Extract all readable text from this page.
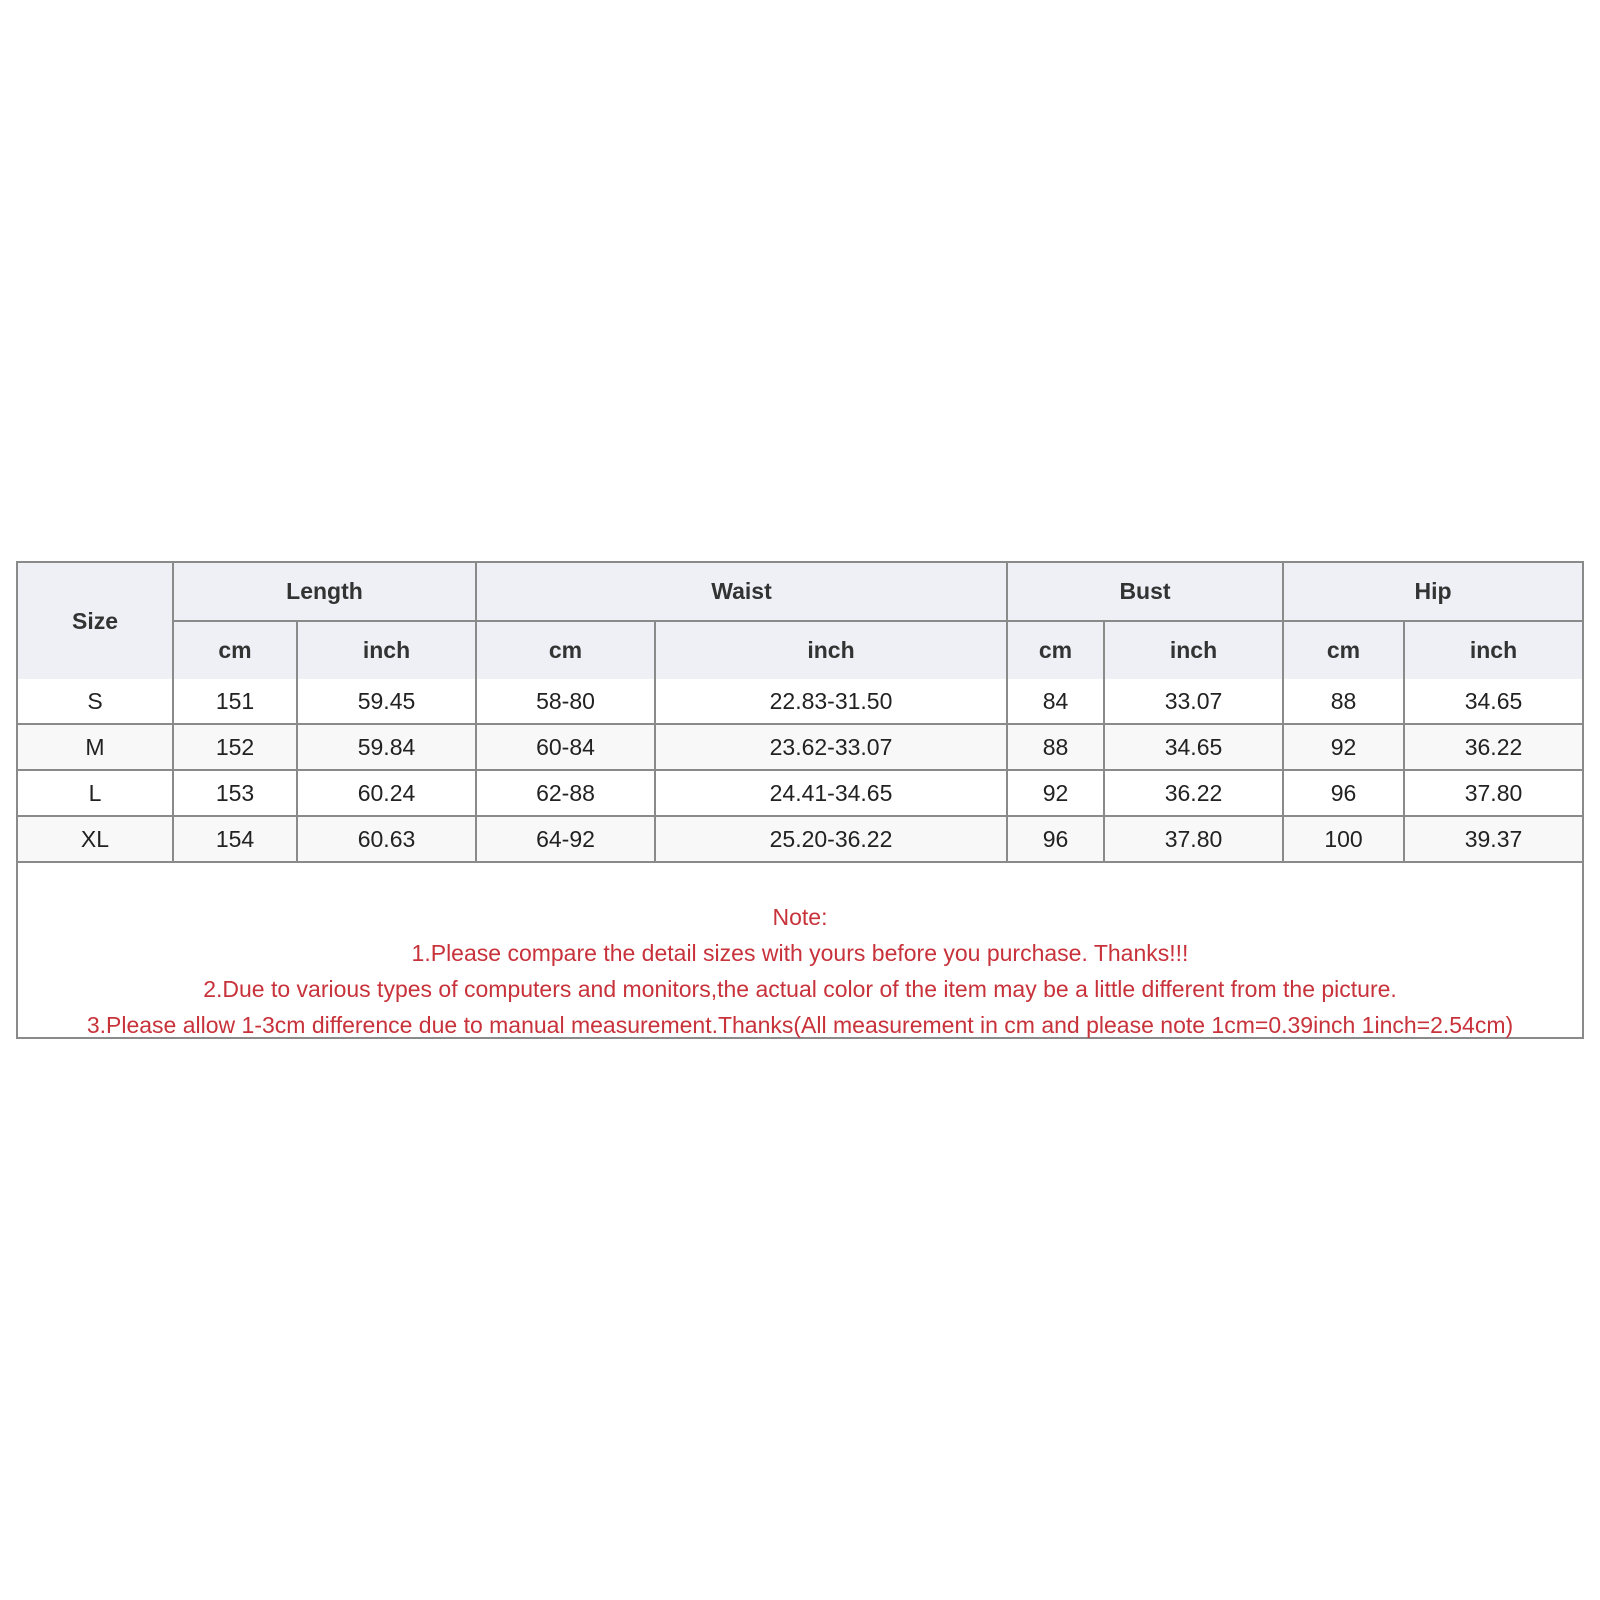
Size	Length		Waist		Bust		Hip	
	cm	inch	cm	inch	cm	inch	cm	inch
S	151	59.45	58-80	22.83-31.50	84	33.07	88	34.65
M	152	59.84	60-84	23.62-33.07	88	34.65	92	36.22
L	153	60.24	62-88	24.41-34.65	92	36.22	96	37.80
XL	154	60.63	64-92	25.20-36.22	96	37.80	100	39.37
Note:
1.Please compare the detail sizes with yours before you purchase. Thanks!!!
2.Due to various types of computers and monitors,the actual color of the item may be a little different from the picture.
3.Please allow 1-3cm difference due to manual measurement.Thanks(All measurement in cm and please note 1cm=0.39inch 1inch=2.54cm)
